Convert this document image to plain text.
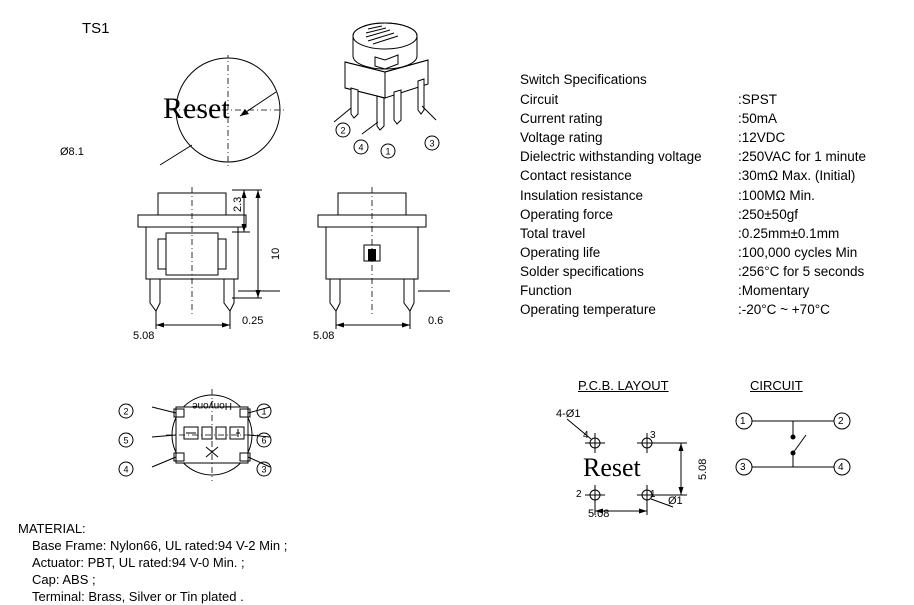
TS1
Reset
Ø8.1
2
4 1
3
2.3
10
0.25
5.08
0.6
5.08
Honyone
2	1
5	6
4	3
Switch Specifications
Circuit	:SPST
Current rating	:50mA
Voltage rating	:12VDC
Dielectric withstanding voltage	:250VAC for 1 minute
Contact resistance	:30mΩ Max. (Initial)
Insulation resistance	:100MΩ Min.
Operating force	:250±50gf
Total travel	:0.25mm±0.1mm
Operating life	:100,000 cycles Min
Solder specifications	:256°C for 5 seconds
Function	:Momentary
Operating temperature	:-20°C ~ +70°C
P.C.B. LAYOUT
4-Ø1
4	3
2	1
Reset
5.08
5.08
Ø1
CIRCUIT
1	2
3	4
MATERIAL:
Base Frame: Nylon66, UL rated:94 V-2 Min ;
Actuator: PBT, UL rated:94 V-0 Min. ;
Cap: ABS ;
Terminal: Brass, Silver or Tin plated .
